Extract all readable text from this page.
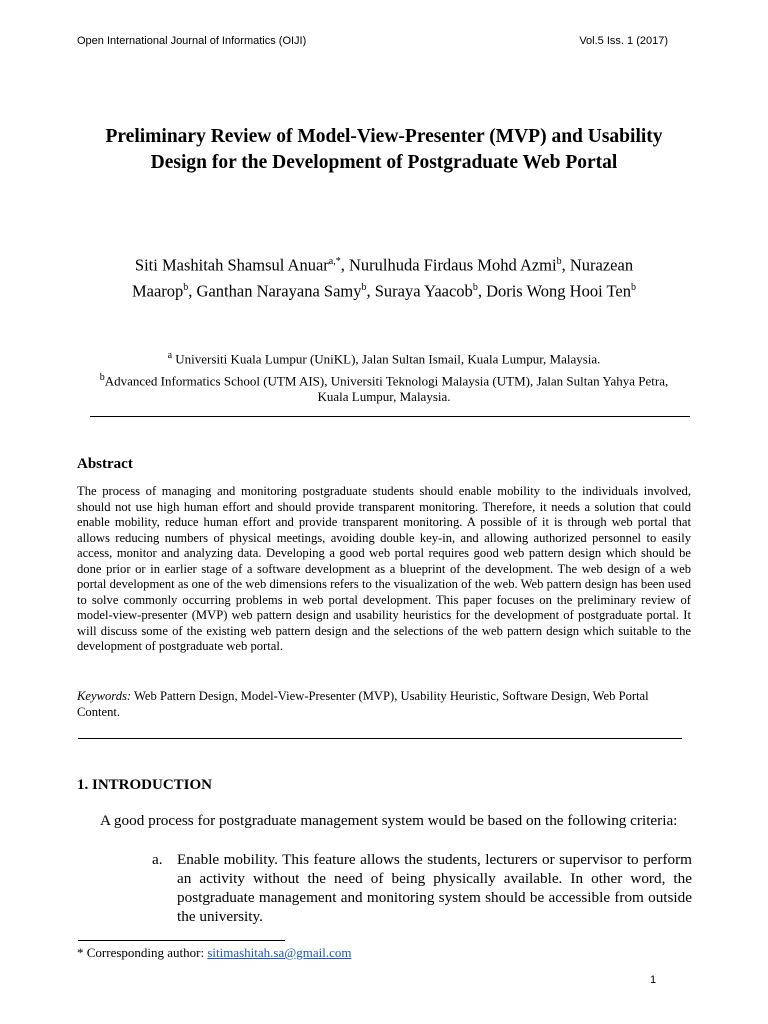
Open International Journal of Informatics (OIJI)	Vol.5 Iss. 1 (2017)
Preliminary Review of Model-View-Presenter (MVP) and Usability Design for the Development of Postgraduate Web Portal
Siti Mashitah Shamsul Anuar$^{a,*}$, Nurulhuda Firdaus Mohd Azmi$^b$, Nurazean Maarop$^b$, Ganthan Narayana Samy$^b$, Suraya Yaacob$^b$, Doris Wong Hooi Ten$^b$
$^a$ Universiti Kuala Lumpur (UniKL), Jalan Sultan Ismail, Kuala Lumpur, Malaysia.
$^b$Advanced Informatics School (UTM AIS), Universiti Teknologi Malaysia (UTM), Jalan Sultan Yahya Petra, Kuala Lumpur, Malaysia.
Abstract
The process of managing and monitoring postgraduate students should enable mobility to the individuals involved, should not use high human effort and should provide transparent monitoring. Therefore, it needs a solution that could enable mobility, reduce human effort and provide transparent monitoring. A possible of it is through web portal that allows reducing numbers of physical meetings, avoiding double key-in, and allowing authorized personnel to easily access, monitor and analyzing data. Developing a good web portal requires good web pattern design which should be done prior or in earlier stage of a software development as a blueprint of the development. The web design of a web portal development as one of the web dimensions refers to the visualization of the web. Web pattern design has been used to solve commonly occurring problems in web portal development. This paper focuses on the preliminary review of model-view-presenter (MVP) web pattern design and usability heuristics for the development of postgraduate portal. It will discuss some of the existing web pattern design and the selections of the web pattern design which suitable to the development of postgraduate web portal.
Keywords: Web Pattern Design, Model-View-Presenter (MVP), Usability Heuristic, Software Design, Web Portal Content.
1. INTRODUCTION
A good process for postgraduate management system would be based on the following criteria:
a. Enable mobility. This feature allows the students, lecturers or supervisor to perform an activity without the need of being physically available. In other word, the postgraduate management and monitoring system should be accessible from outside the university.
* Corresponding author: sitimashitah.sa@gmail.com
1
